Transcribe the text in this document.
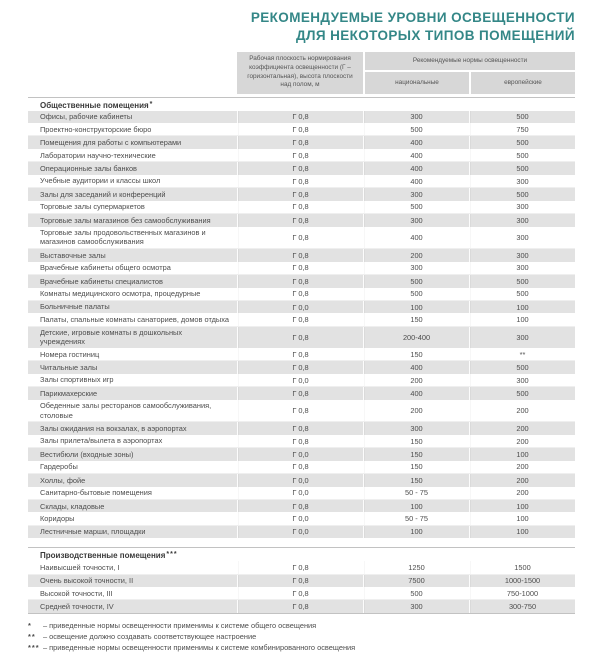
РЕКОМЕНДУЕМЫЕ УРОВНИ ОСВЕЩЕННОСТИ
ДЛЯ НЕКОТОРЫХ ТИПОВ ПОМЕЩЕНИЙ
Рабочая плоскость нормирования коэффициента освещенности (Г – горизонтальная), высота плоскости над полом, м
Рекомендуемые нормы освещенности
национальные	европейские
Общественные помещения*
Офисы, рабочие кабинеты	Г 0,8	300	500
Проектно-конструкторские бюро	Г 0,8	500	750
Помещения для работы с компьютерами	Г 0,8	400	500
Лаборатории научно-технические	Г 0,8	400	500
Операционные залы банков	Г 0,8	400	500
Учебные аудитории и классы школ	Г 0,8	400	300
Залы для заседаний и конференций	Г 0,8	300	500
Торговые залы супермаркетов	Г 0,8	500	300
Торговые залы магазинов без самообслуживания	Г 0,8	300	300
Торговые залы продовольственных магазинов и магазинов самообслуживания	Г 0,8	400	300
Выставочные залы	Г 0,8	200	300
Врачебные кабинеты общего осмотра	Г 0,8	300	300
Врачебные кабинеты специалистов	Г 0,8	500	500
Комнаты медицинского осмотра, процедурные	Г 0,8	500	500
Больничные палаты	Г 0,0	100	100
Палаты, спальные комнаты санаториев, домов отдыха	Г 0,8	150	100
Детские, игровые комнаты в дошкольных учреждениях	Г 0,8	200-400	300
Номера гостиниц	Г 0,8	150	**
Читальные залы	Г 0,8	400	500
Залы спортивных игр	Г 0,0	200	300
Парикмахерские	Г 0,8	400	500
Обеденные залы ресторанов самообслуживания, столовые	Г 0,8	200	200
Залы ожидания на вокзалах, в аэропортах	Г 0,8	300	200
Залы прилета/вылета в аэропортах	Г 0,8	150	200
Вестибюли (входные зоны)	Г 0,0	150	100
Гардеробы	Г 0,8	150	200
Холлы, фойе	Г 0,0	150	200
Санитарно-бытовые помещения	Г 0,0	50 - 75	200
Склады, кладовые	Г 0,8	100	100
Коридоры	Г 0,0	50 - 75	100
Лестничные марши, площадки	Г 0,0	100	100
Производственные помещения***
Наивысшей точности, I	Г 0,8	1250	1500
Очень высокой точности, II	Г 0,8	7500	1000-1500
Высокой точности, III	Г 0,8	500	750-1000
Средней точности, IV	Г 0,8	300	300-750
*	– приведенные нормы освещенности применимы к системе общего освещения
** – освещение должно создавать соответствующее настроение
*** – приведенные нормы освещенности применимы к системе комбинированного освещения
